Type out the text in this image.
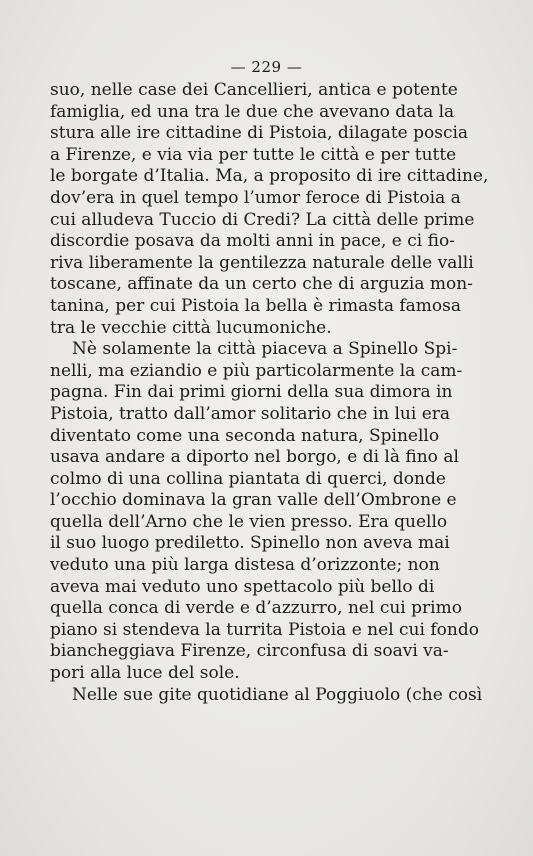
— 229 —
suo, nelle case dei Cancellieri, antica e potente
famiglia, ed una tra le due che avevano data la
stura alle ire cittadine di Pistoia, dilagate poscia
a Firenze, e via via per tutte le città e per tutte
le borgate d’Italia. Ma, a proposito di ire cittadine,
dov’era in quel tempo l’umor feroce di Pistoia a
cui alludeva Tuccio di Credi? La città delle prime
discordie posava da molti anni in pace, e ci fio-
riva liberamente la gentilezza naturale delle valli
toscane, affinate da un certo che di arguzia mon-
tanina, per cui Pistoia la bella è rimasta famosa
tra le vecchie città lucumoniche.
Nè solamente la città piaceva a Spinello Spi-
nelli, ma eziandio e più particolarmente la cam-
pagna. Fin dai primi giorni della sua dimora in
Pistoia, tratto dall’amor solitario che in lui era
diventato come una seconda natura, Spinello
usava andare a diporto nel borgo, e di là fino al
colmo di una collina piantata di querci, donde
l’occhio dominava la gran valle dell’Ombrone e
quella dell’Arno che le vien presso. Era quello
il suo luogo prediletto. Spinello non aveva mai
veduto una più larga distesa d’orizzonte; non
aveva mai veduto uno spettacolo più bello di
quella conca di verde e d’azzurro, nel cui primo
piano si stendeva la turrita Pistoia e nel cui fondo
biancheggiava Firenze, circonfusa di soavi va-
pori alla luce del sole.
Nelle sue gite quotidiane al Poggiuolo (che così
